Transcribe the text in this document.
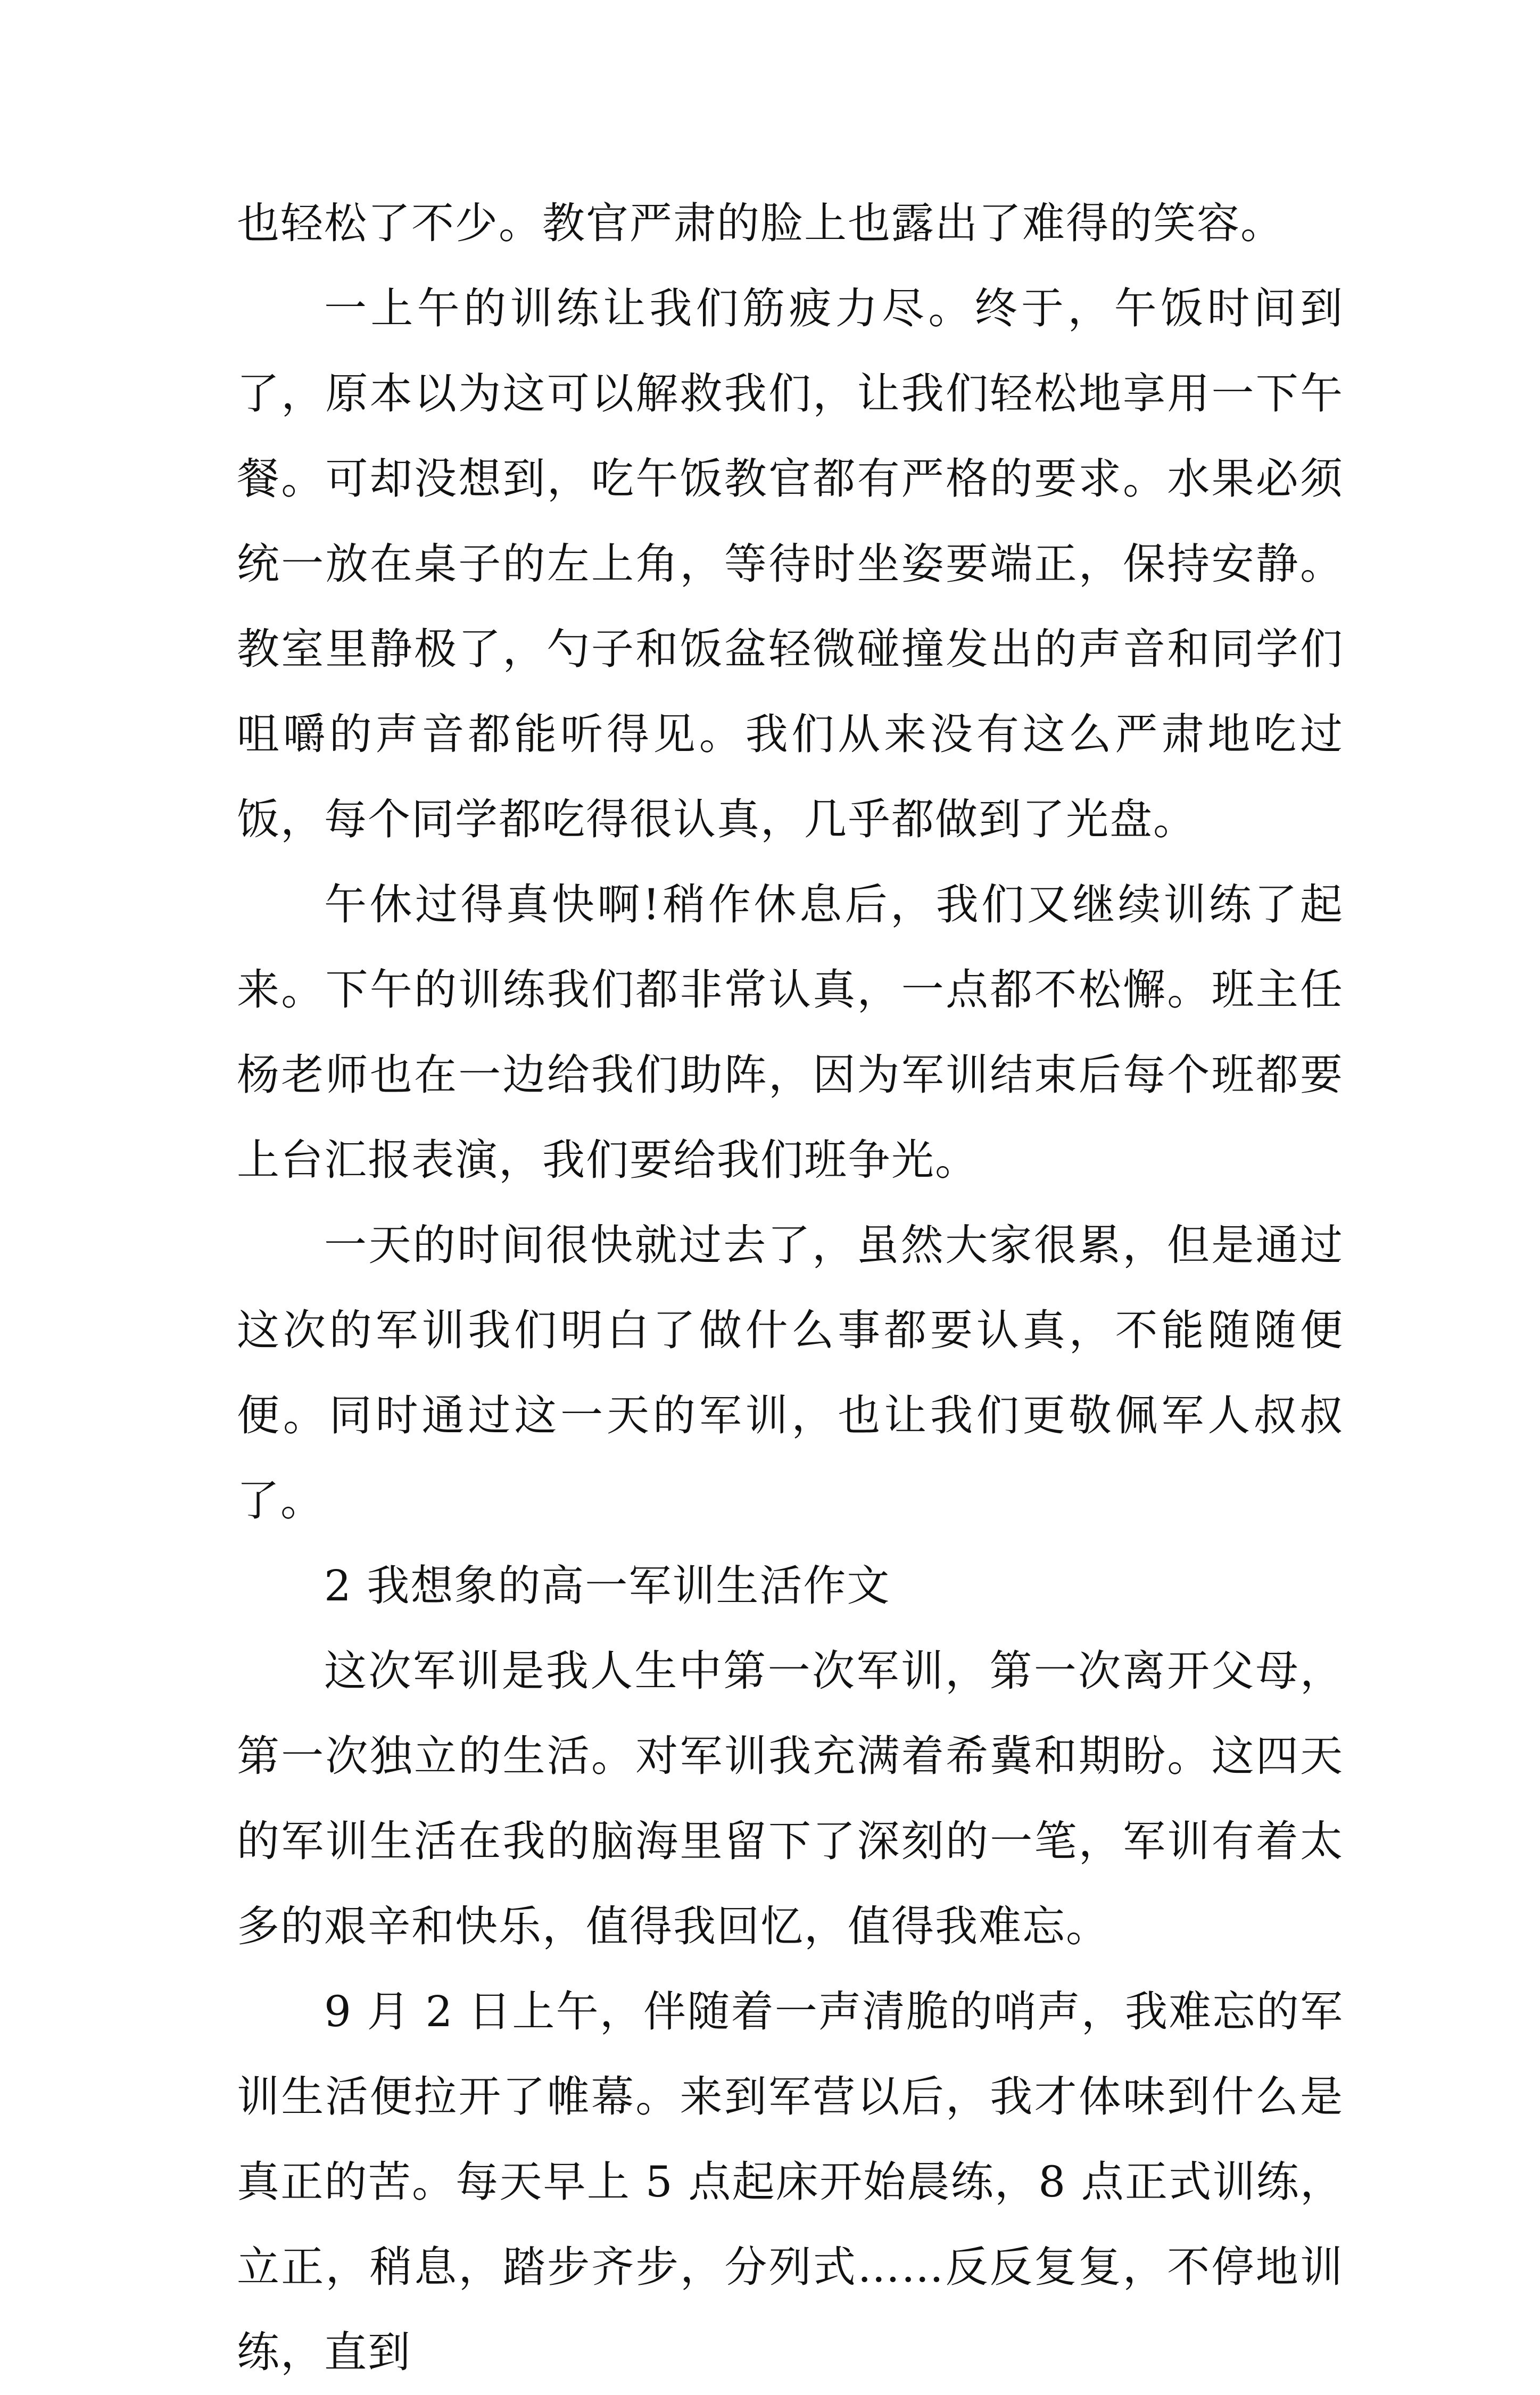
也轻松了不少。教官严肃的脸上也露出了难得的笑容。

一上午的训练让我们筋疲力尽。终于，午饭时间到了，原本以为这可以解救我们，让我们轻松地享用一下午餐。可却没想到，吃午饭教官都有严格的要求。水果必须统一放在桌子的左上角，等待时坐姿要端正，保持安静。教室里静极了，勺子和饭盆轻微碰撞发出的声音和同学们咀嚼的声音都能听得见。我们从来没有这么严肃地吃过饭，每个同学都吃得很认真，几乎都做到了光盘。

午休过得真快啊!稍作休息后，我们又继续训练了起来。下午的训练我们都非常认真，一点都不松懈。班主任杨老师也在一边给我们助阵，因为军训结束后每个班都要上台汇报表演，我们要给我们班争光。

一天的时间很快就过去了，虽然大家很累，但是通过这次的军训我们明白了做什么事都要认真，不能随随便便。同时通过这一天的军训，也让我们更敬佩军人叔叔了。

2 我想象的高一军训生活作文

这次军训是我人生中第一次军训，第一次离开父母，第一次独立的生活。对军训我充满着希冀和期盼。这四天的军训生活在我的脑海里留下了深刻的一笔，军训有着太多的艰辛和快乐，值得我回忆，值得我难忘。

9 月 2 日上午，伴随着一声清脆的哨声，我难忘的军训生活便拉开了帷幕。来到军营以后，我才体味到什么是真正的苦。每天早上 5 点起床开始晨练，8 点正式训练，立正，稍息，踏步齐步，分列式……反反复复，不停地训练，直到
